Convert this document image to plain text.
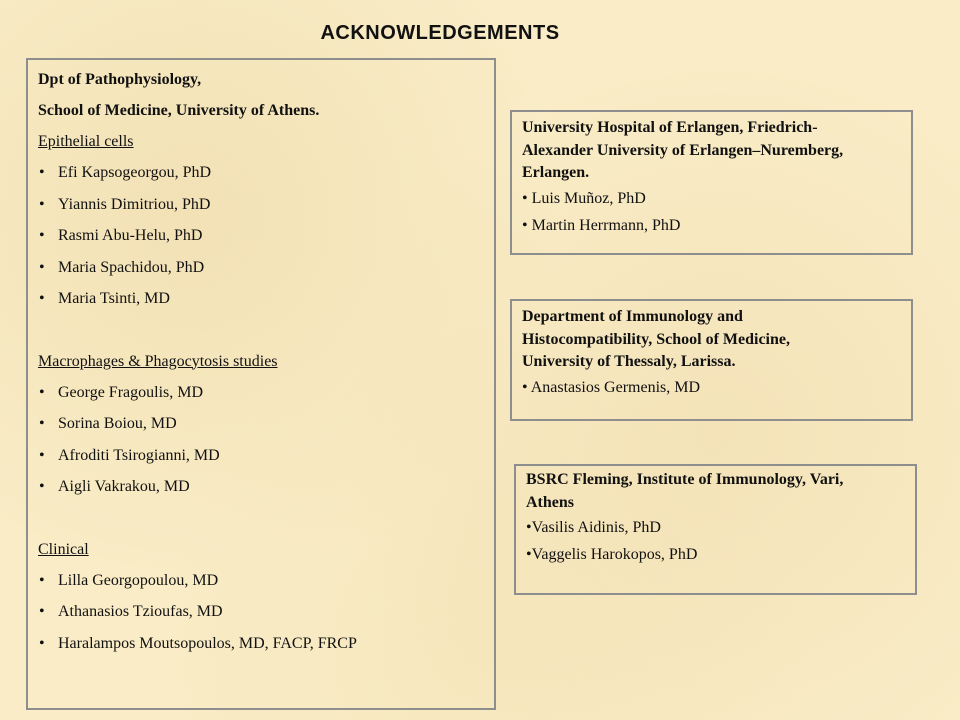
ACKNOWLEDGEMENTS
Dpt of Pathophysiology,
School of Medicine, University of Athens.
Epithelial cells
• Efi Kapsogeorgou, PhD
• Yiannis Dimitriou, PhD
• Rasmi Abu-Helu, PhD
• Maria Spachidou, PhD
• Maria Tsinti, MD
Macrophages & Phagocytosis studies
• George Fragoulis, MD
• Sorina Boiou, MD
• Afroditi Tsirogianni, MD
• Aigli Vakrakou, MD
Clinical
• Lilla Georgopoulou, MD
• Athanasios Tzioufas, MD
• Haralampos Moutsopoulos, MD, FACP, FRCP
University Hospital of Erlangen, Friedrich-
Alexander University of Erlangen–Nuremberg,
Erlangen.
• Luis Muñoz, PhD
• Martin Herrmann, PhD
Department of Immunology and
Histocompatibility, School of Medicine,
University of Thessaly, Larissa.
• Anastasios Germenis, MD
BSRC Fleming, Institute of Immunology, Vari,
Athens
•Vasilis Aidinis, PhD
•Vaggelis Harokopos, PhD
